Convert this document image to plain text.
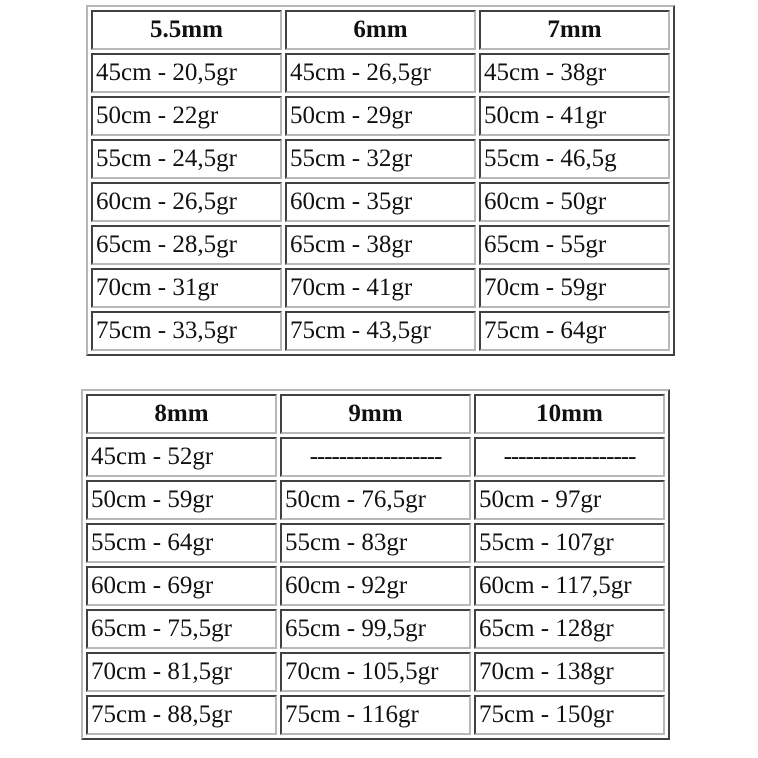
5.5mm	6mm	7mm
45cm - 20,5gr	45cm - 26,5gr	45cm - 38gr
50cm - 22gr	50cm - 29gr	50cm - 41gr
55cm - 24,5gr	55cm - 32gr	55cm - 46,5g
60cm - 26,5gr	60cm - 35gr	60cm - 50gr
65cm - 28,5gr	65cm - 38gr	65cm - 55gr
70cm - 31gr	70cm - 41gr	70cm - 59gr
75cm - 33,5gr	75cm - 43,5gr	75cm - 64gr
8mm	9mm	10mm
45cm - 52gr	------------------	------------------
50cm - 59gr	50cm - 76,5gr	50cm - 97gr
55cm - 64gr	55cm - 83gr	55cm - 107gr
60cm - 69gr	60cm - 92gr	60cm - 117,5gr
65cm - 75,5gr	65cm - 99,5gr	65cm - 128gr
70cm - 81,5gr	70cm - 105,5gr	70cm - 138gr
75cm - 88,5gr	75cm - 116gr	75cm - 150gr
